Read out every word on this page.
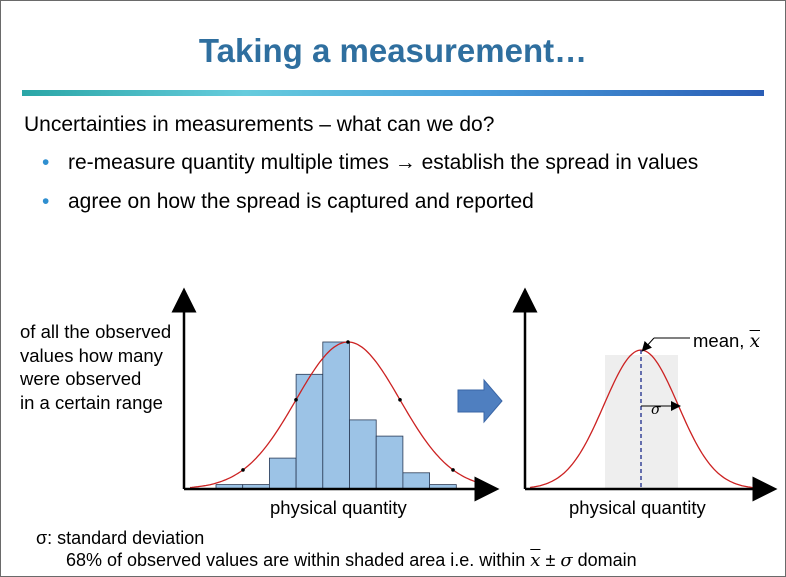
Taking a measurement…
Uncertainties in measurements – what can we do?
• re-measure quantity multiple times → establish the spread in values
• agree on how the spread is captured and reported
of all the observed
values how many
were observed
in a certain range
physical quantity	physical quantity
mean, $\overline{x}$
σ
σ: standard deviation
68% of observed values are within shaded area i.e. within $\overline{x} \pm \sigma$ domain
